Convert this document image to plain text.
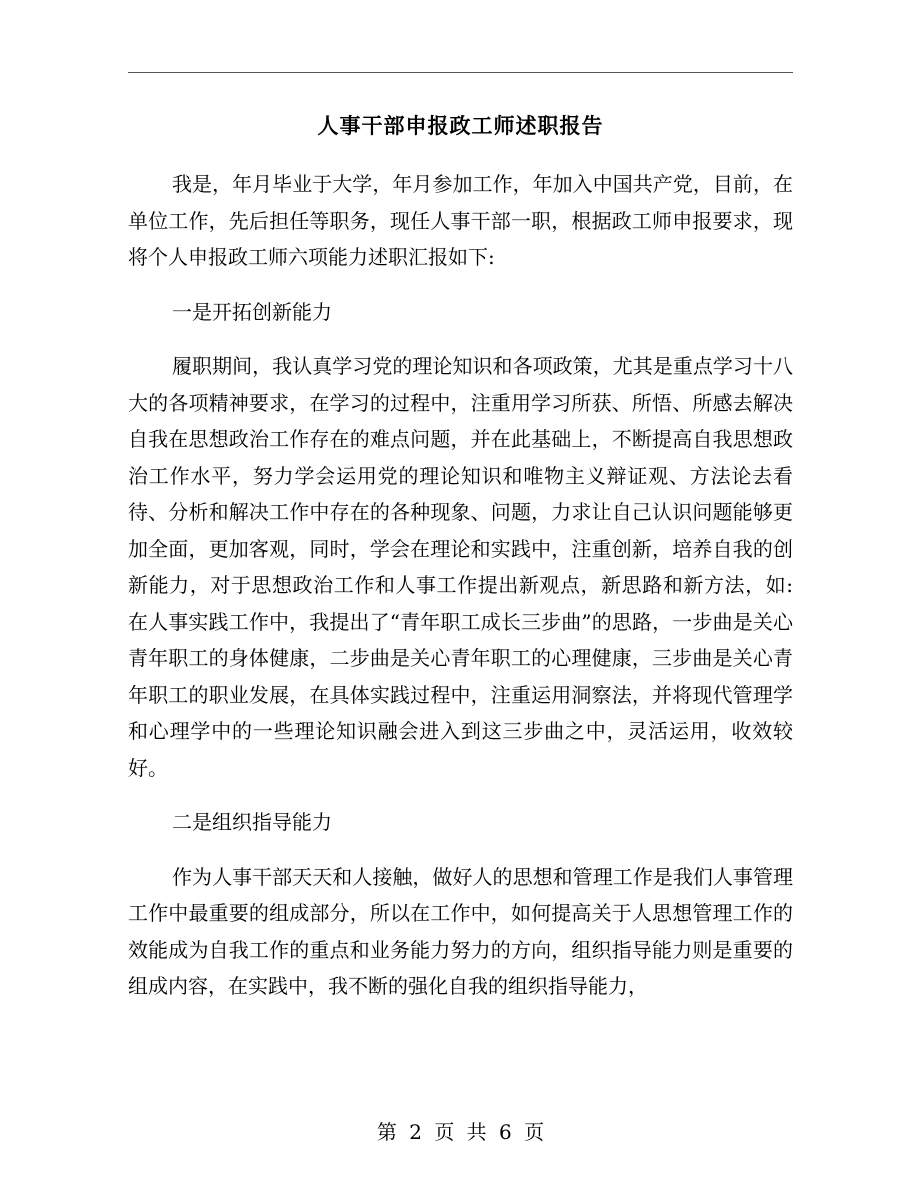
人事干部申报政工师述职报告

我是，年月毕业于大学，年月参加工作，年加入中国共产党，目前，在单位工作，先后担任等职务，现任人事干部一职，根据政工师申报要求，现将个人申报政工师六项能力述职汇报如下:

一是开拓创新能力

履职期间，我认真学习党的理论知识和各项政策，尤其是重点学习十八大的各项精神要求，在学习的过程中，注重用学习所获、所悟、所感去解决自我在思想政治工作存在的难点问题，并在此基础上，不断提高自我思想政治工作水平，努力学会运用党的理论知识和唯物主义辩证观、方法论去看待、分析和解决工作中存在的各种现象、问题，力求让自己认识问题能够更加全面，更加客观，同时，学会在理论和实践中，注重创新，培养自我的创新能力，对于思想政治工作和人事工作提出新观点，新思路和新方法，如:在人事实践工作中，我提出了“青年职工成长三步曲”的思路，一步曲是关心青年职工的身体健康，二步曲是关心青年职工的心理健康，三步曲是关心青年职工的职业发展，在具体实践过程中，注重运用洞察法，并将现代管理学和心理学中的一些理论知识融会进入到这三步曲之中，灵活运用，收效较好。

二是组织指导能力

作为人事干部天天和人接触，做好人的思想和管理工作是我们人事管理工作中最重要的组成部分，所以在工作中，如何提高关于人思想管理工作的效能成为自我工作的重点和业务能力努力的方向，组织指导能力则是重要的组成内容，在实践中，我不断的强化自我的组织指导能力，

第 2 页 共 6 页
